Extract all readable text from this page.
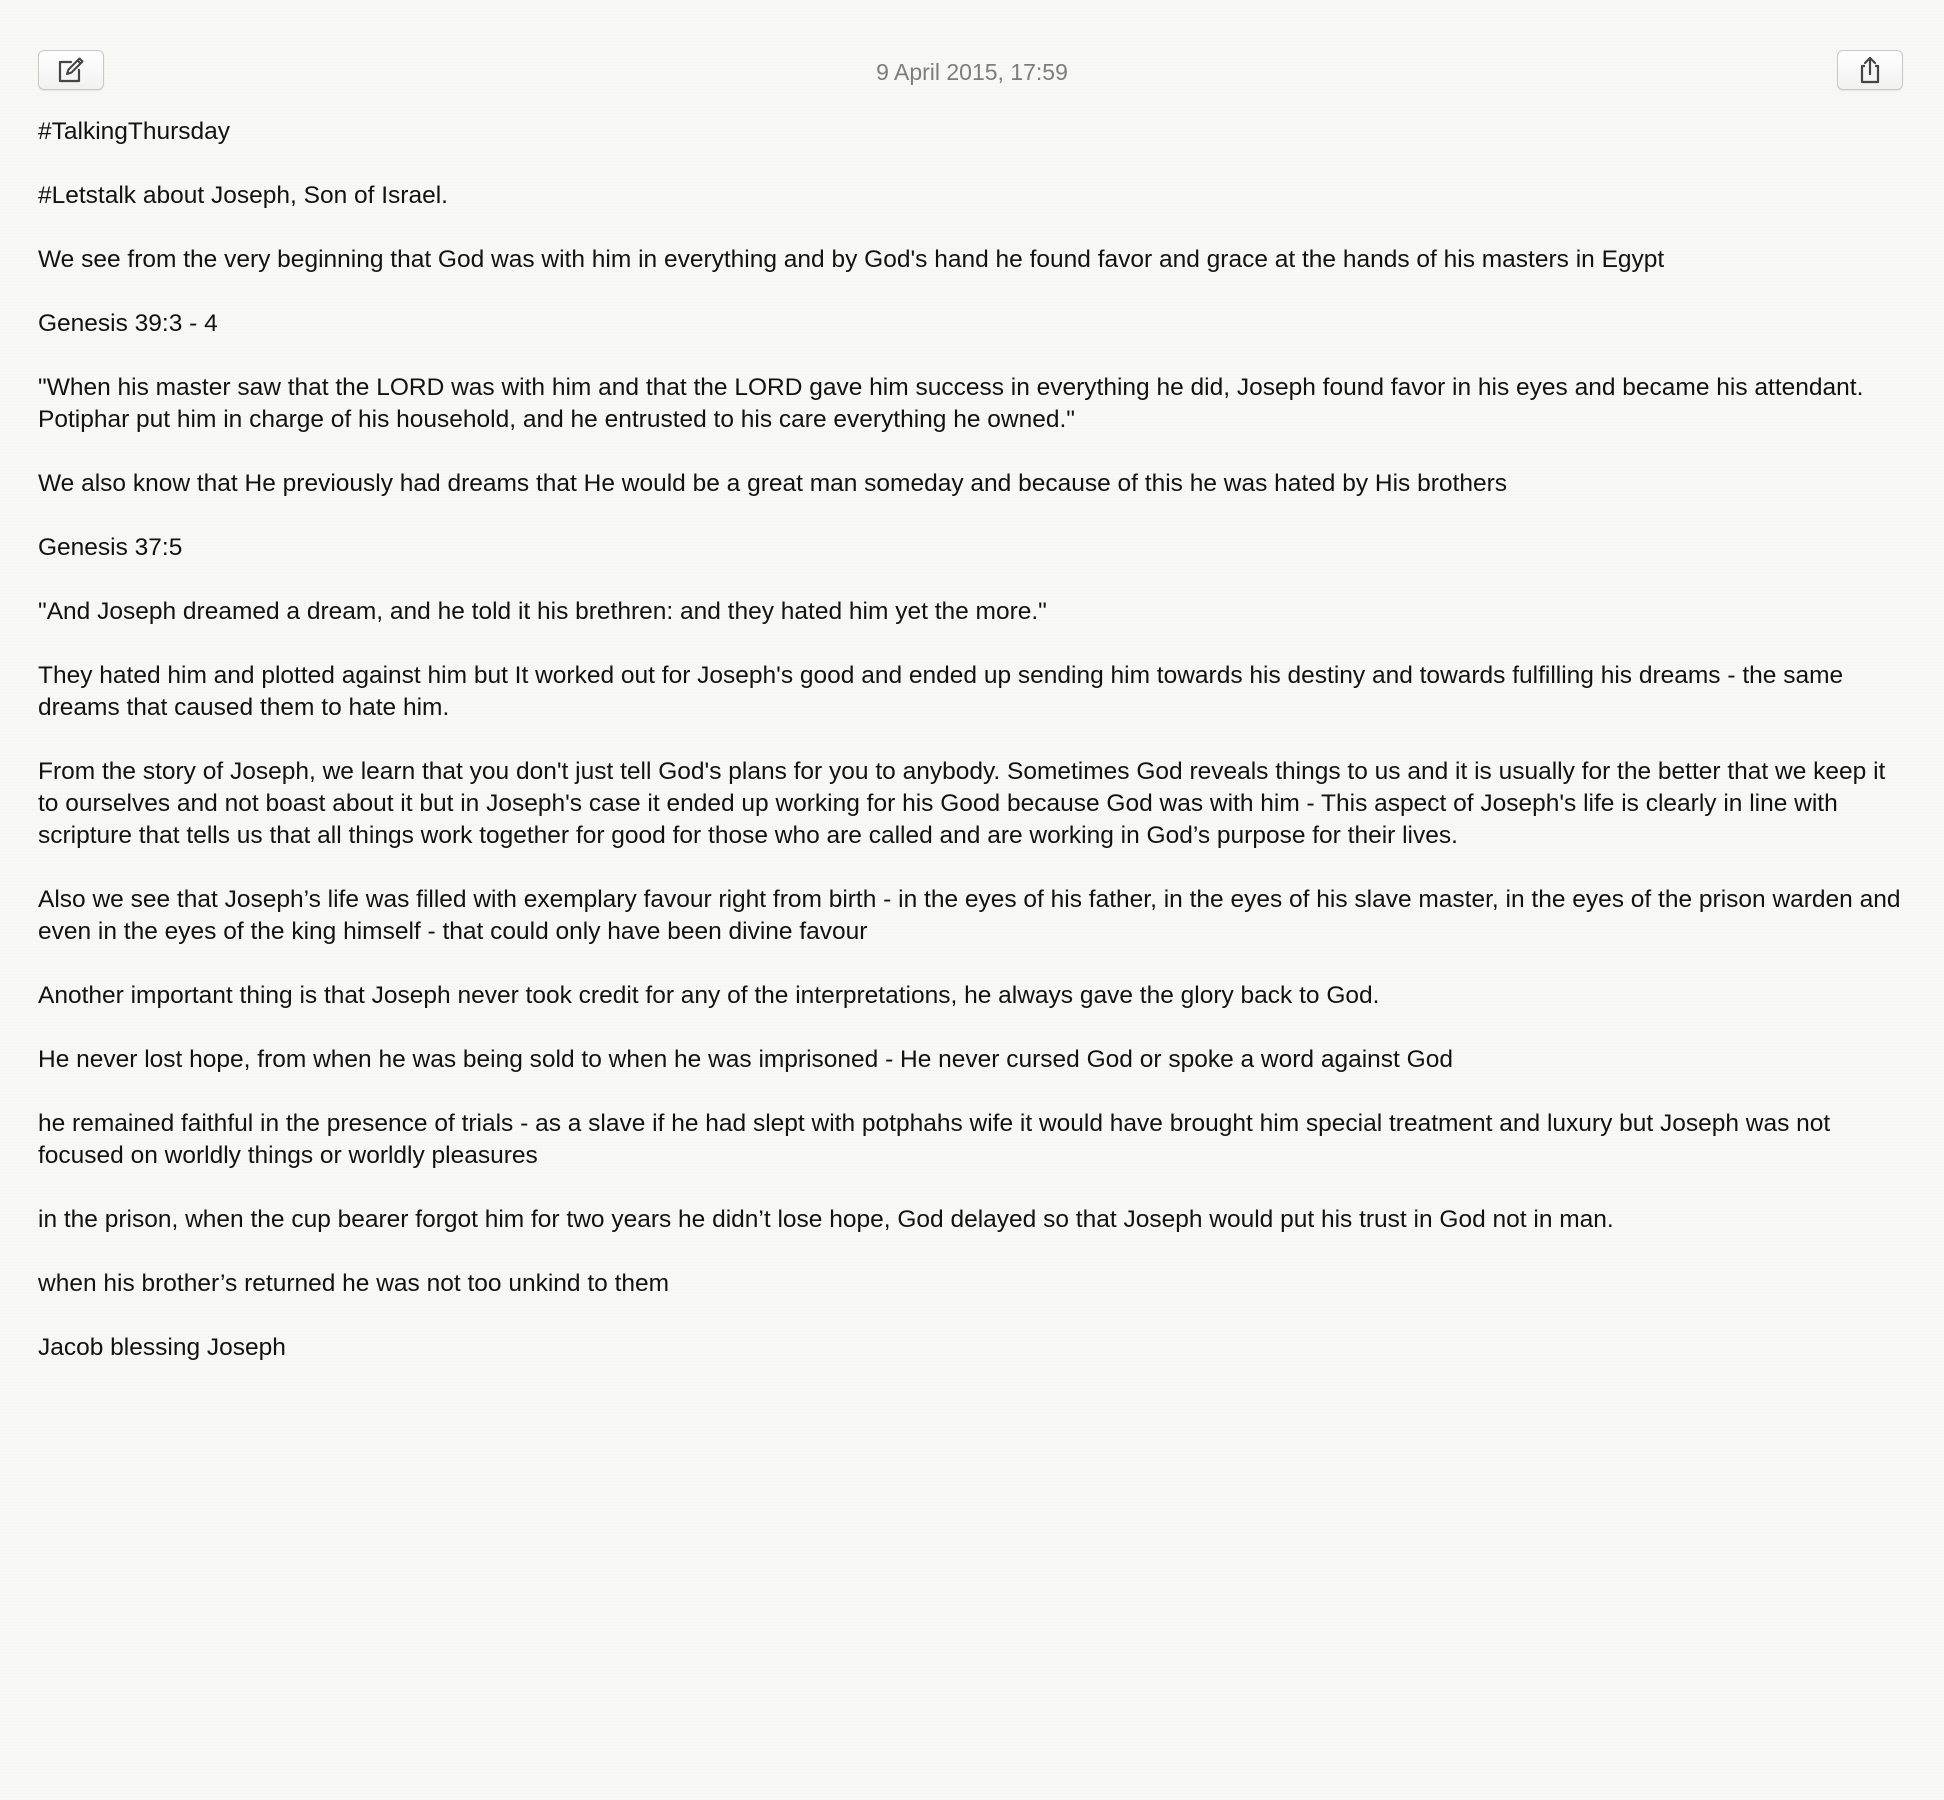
9 April 2015, 17:59

#TalkingThursday

#Letstalk about Joseph, Son of Israel.

We see from the very beginning that God was with him in everything and by God's hand he found favor and grace at the hands of his masters in Egypt

Genesis 39:3 - 4

"When his master saw that the LORD was with him and that the LORD gave him success in everything he did, Joseph found favor in his eyes and became his attendant. Potiphar put him in charge of his household, and he entrusted to his care everything he owned."

We also know that He previously had dreams that He would be a great man someday and because of this he was hated by His brothers

Genesis 37:5

"And Joseph dreamed a dream, and he told it his brethren: and they hated him yet the more."

They hated him and plotted against him but It worked out for Joseph's good and ended up sending him towards his destiny and towards fulfilling his dreams - the same dreams that caused them to hate him.

From the story of Joseph, we learn that you don't just tell God's plans for you to anybody. Sometimes God reveals things to us and it is usually for the better that we keep it to ourselves and not boast about it but in Joseph's case it ended up working for his Good because God was with him - This aspect of Joseph's life is clearly in line with scripture that tells us that all things work together for good for those who are called and are working in God’s purpose for their lives.

Also we see that Joseph’s life was filled with exemplary favour right from birth - in the eyes of his father, in the eyes of his slave master, in the eyes of the prison warden and even in the eyes of the king himself - that could only have been divine favour

Another important thing is that Joseph never took credit for any of the interpretations, he always gave the glory back to God.

He never lost hope, from when he was being sold to when he was imprisoned - He never cursed God or spoke a word against God

he remained faithful in the presence of trials - as a slave if he had slept with potphahs wife it would have brought him special treatment and luxury but Joseph was not focused on worldly things or worldly pleasures

in the prison, when the cup bearer forgot him for two years he didn’t lose hope, God delayed so that Joseph would put his trust in God not in man.

when his brother’s returned he was not too unkind to them

Jacob blessing Joseph
